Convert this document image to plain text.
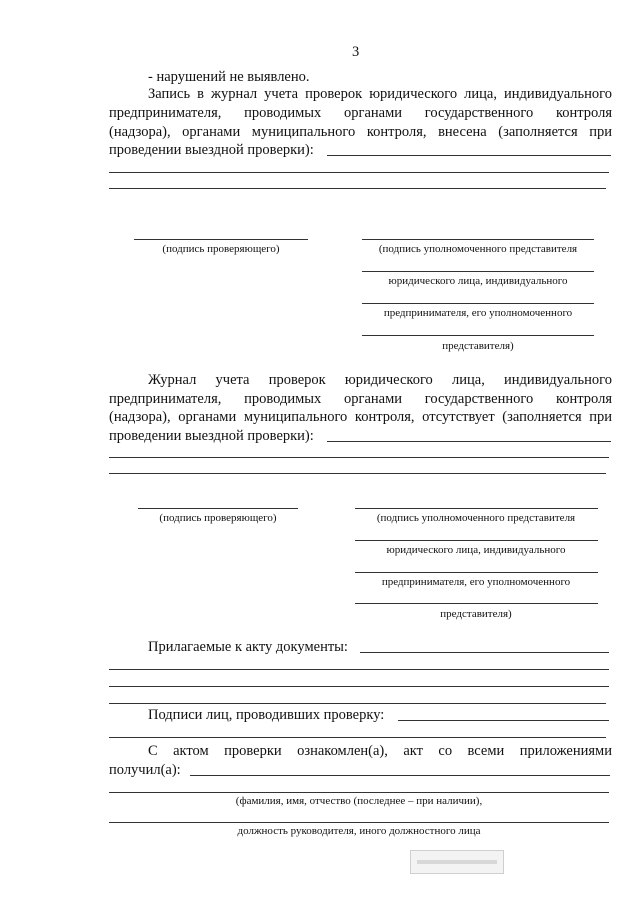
3
- нарушений не выявлено.
Запись в журнал учета проверок юридического лица, индивидуального
предпринимателя, проводимых органами государственного контроля
(надзора), органами муниципального контроля, внесена (заполняется при
проведении выездной проверки):
(подпись проверяющего)	(подпись уполномоченного представителя
юридического лица, индивидуального
предпринимателя, его уполномоченного
представителя)
Журнал учета проверок юридического лица, индивидуального
предпринимателя, проводимых органами государственного контроля
(надзора), органами муниципального контроля, отсутствует (заполняется при
проведении выездной проверки):
(подпись проверяющего)	(подпись уполномоченного представителя
юридического лица, индивидуального
предпринимателя, его уполномоченного
представителя)
Прилагаемые к акту документы:
Подписи лиц, проводивших проверку:
С актом проверки ознакомлен(а), акт со всеми приложениями
получил(а):
(фамилия, имя, отчество (последнее – при наличии),
должность руководителя, иного должностного лица
